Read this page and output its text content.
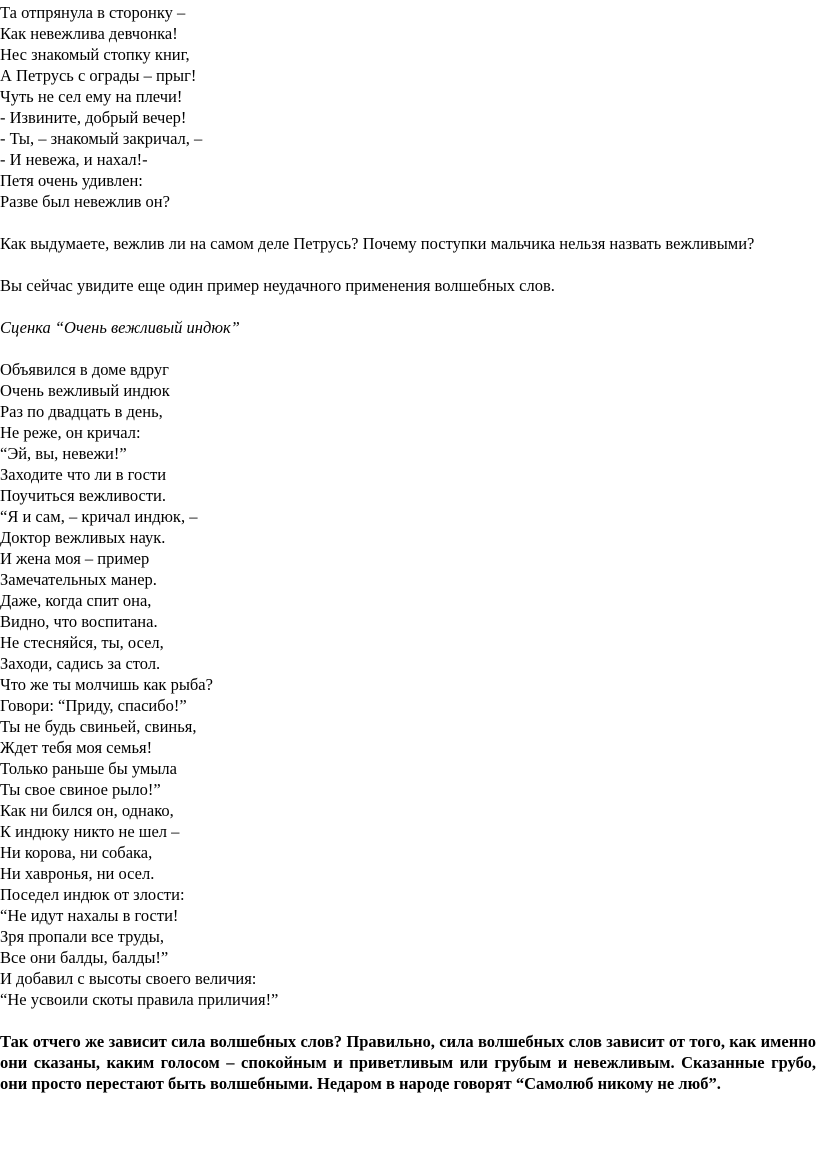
Та отпрянула в сторонку –
Как невежлива девчонка!
Нес знакомый стопку книг,
А Петрусь с ограды – прыг!
Чуть не сел ему на плечи!
- Извините, добрый вечер!
- Ты, – знакомый закричал, –
- И невежа, и нахал!-
Петя очень удивлен:
Разве был невежлив он?

Как выдумаете, вежлив ли на самом деле Петрусь? Почему поступки мальчика нельзя назвать вежливыми?

Вы сейчас увидите еще один пример неудачного применения волшебных слов.

Сценка “Очень вежливый индюк”
Объявился в доме вдруг
Очень вежливый индюк
Раз по двадцать в день,
Не реже, он кричал:
“Эй, вы, невежи!”
Заходите что ли в гости
Поучиться вежливости.
“Я и сам, – кричал индюк, –
Доктор вежливых наук.
И жена моя – пример
Замечательных манер.
Даже, когда спит она,
Видно, что воспитана.
Не стесняйся, ты, осел,
Заходи, садись за стол.
Что же ты молчишь как рыба?
Говори: “Приду, спасибо!”
Ты не будь свиньей, свинья,
Ждет тебя моя семья!
Только раньше бы умыла
Ты свое свиное рыло!”
Как ни бился он, однако,
К индюку никто не шел –
Ни корова, ни собака,
Ни хавронья, ни осел.
Поседел индюк от злости:
“Не идут нахалы в гости!
Зря пропали все труды,
Все они балды, балды!”
И добавил с высоты своего величия:
“Не усвоили скоты правила приличия!”

Так отчего же зависит сила волшебных слов? Правильно, сила волшебных слов зависит от того, как именно они сказаны, каким голосом – спокойным и приветливым или грубым и невежливым. Сказанные грубо, они просто перестают быть волшебными. Недаром в народе говорят “Самолюб никому не люб”.
